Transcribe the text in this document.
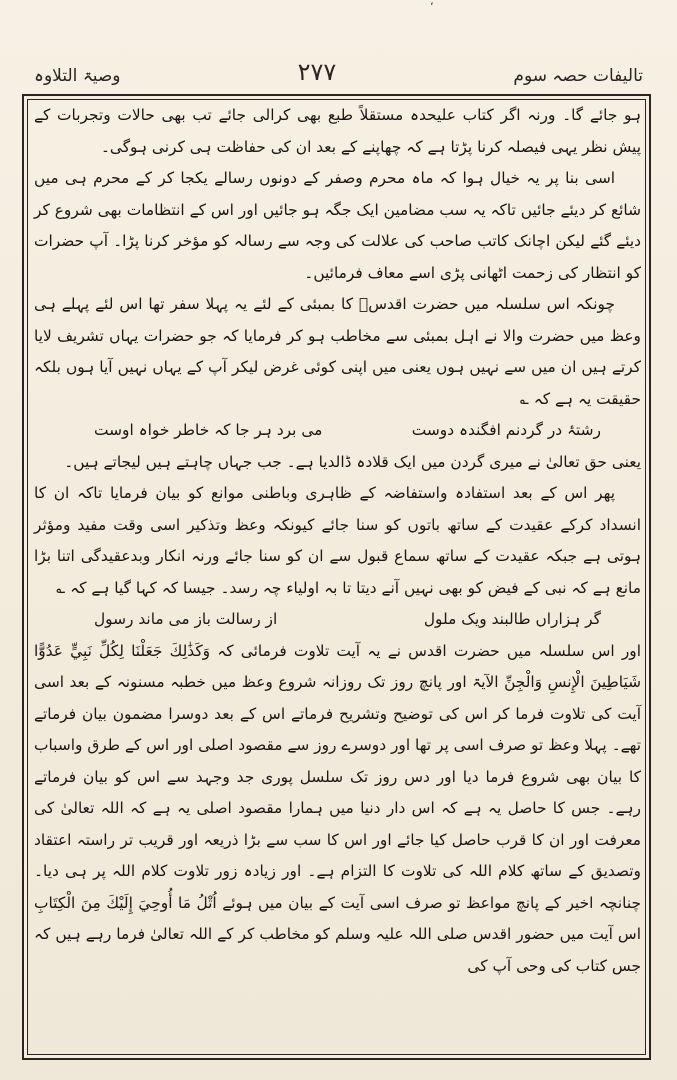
‘
وصیۃ التلاوہ	٢٧٧	تالیفات حصہ سوم

ہو جائے گا۔ ورنہ اگر کتاب علیحدہ مستقلاً طبع بھی کرالی جائے تب بھی حالات وتجربات کے پیش نظر یہی فیصلہ کرنا پڑتا ہے کہ چھاپنے کے بعد ان کی حفاظت ہی کرنی ہوگی۔

اسی بنا پر یہ خیال ہوا کہ ماہ محرم وصفر کے دونوں رسالے یکجا کر کے محرم ہی میں شائع کر دیئے جائیں تاکہ یہ سب مضامین ایک جگہ ہو جائیں اور اس کے انتظامات بھی شروع کر دیئے گئے لیکن اچانک کاتب صاحب کی علالت کی وجہ سے رسالہ کو مؤخر کرنا پڑا۔ آپ حضرات کو انتظار کی زحمت اٹھانی پڑی اسے معاف فرمائیں۔

چونکہ اس سلسلہ میں حضرت اقدسؒ کا بمبئی کے لئے یہ پہلا سفر تھا اس لئے پہلے ہی وعظ میں حضرت والا نے اہل بمبئی سے مخاطب ہو کر فرمایا کہ جو حضرات یہاں تشریف لایا کرتے ہیں ان میں سے نہیں ہوں یعنی میں اپنی کوئی غرض لیکر آپ کے یہاں نہیں آیا ہوں بلکہ حقیقت یہ ہے کہ ؎

رشتۂ در گردنم افگندہ دوست
می برد ہر جا کہ خاطر خواہ اوست

یعنی حق تعالیٰ نے میری گردن میں ایک قلادہ ڈالدیا ہے۔ جب جہاں چاہتے ہیں لیجاتے ہیں۔

پھر اس کے بعد استفادہ واستفاضہ کے ظاہری وباطنی موانع کو بیان فرمایا تاکہ ان کا انسداد کرکے عقیدت کے ساتھ باتوں کو سنا جائے کیونکہ وعظ وتذکیر اسی وقت مفید ومؤثر ہوتی ہے جبکہ عقیدت کے ساتھ سماع قبول سے ان کو سنا جائے ورنہ انکار وبدعقیدگی اتنا بڑا مانع ہے کہ نبی کے فیض کو بھی نہیں آنے دیتا تا بہ اولیاء چہ رسد۔ جیسا کہ کہا گیا ہے کہ ؎

گر ہزاراں طالبند ویک ملول
از رسالت باز می ماند رسول

اور اس سلسلہ میں حضرت اقدس نے یہ آیت تلاوت فرمائی کہ وَكَذَٰلِكَ جَعَلْنَا لِكُلِّ نَبِيٍّ عَدُوًّا شَيَاطِينَ الْإِنسِ وَالْجِنِّ الآیۃ اور پانچ روز تک روزانہ شروع وعظ میں خطبہ مسنونہ کے بعد اسی آیت کی تلاوت فرما کر اس کی توضیح وتشریح فرماتے اس کے بعد دوسرا مضمون بیان فرماتے تھے۔ پہلا وعظ تو صرف اسی پر تھا اور دوسرے روز سے مقصود اصلی اور اس کے طرق واسباب کا بیان بھی شروع فرما دیا اور دس روز تک سلسل پوری جد وجہد سے اس کو بیان فرماتے رہے۔ جس کا حاصل یہ ہے کہ اس دار دنیا میں ہمارا مقصود اصلی یہ ہے کہ اللہ تعالیٰ کی معرفت اور ان کا قرب حاصل کیا جائے اور اس کا سب سے بڑا ذریعہ اور قریب تر راستہ اعتقاد وتصدیق کے ساتھ کلام اللہ کی تلاوت کا التزام ہے۔ اور زیادہ زور تلاوت کلام اللہ پر ہی دیا۔ چنانچہ اخیر کے پانچ مواعظ تو صرف اسی آیت کے بیان میں ہوئے اُتْلُ مَا أُوحِيَ إِلَيْكَ مِنَ الْكِتَابِ اس آیت میں حضور اقدس صلی اللہ علیہ وسلم کو مخاطب کر کے اللہ تعالیٰ فرما رہے ہیں کہ جس کتاب کی وحی آپ کی
